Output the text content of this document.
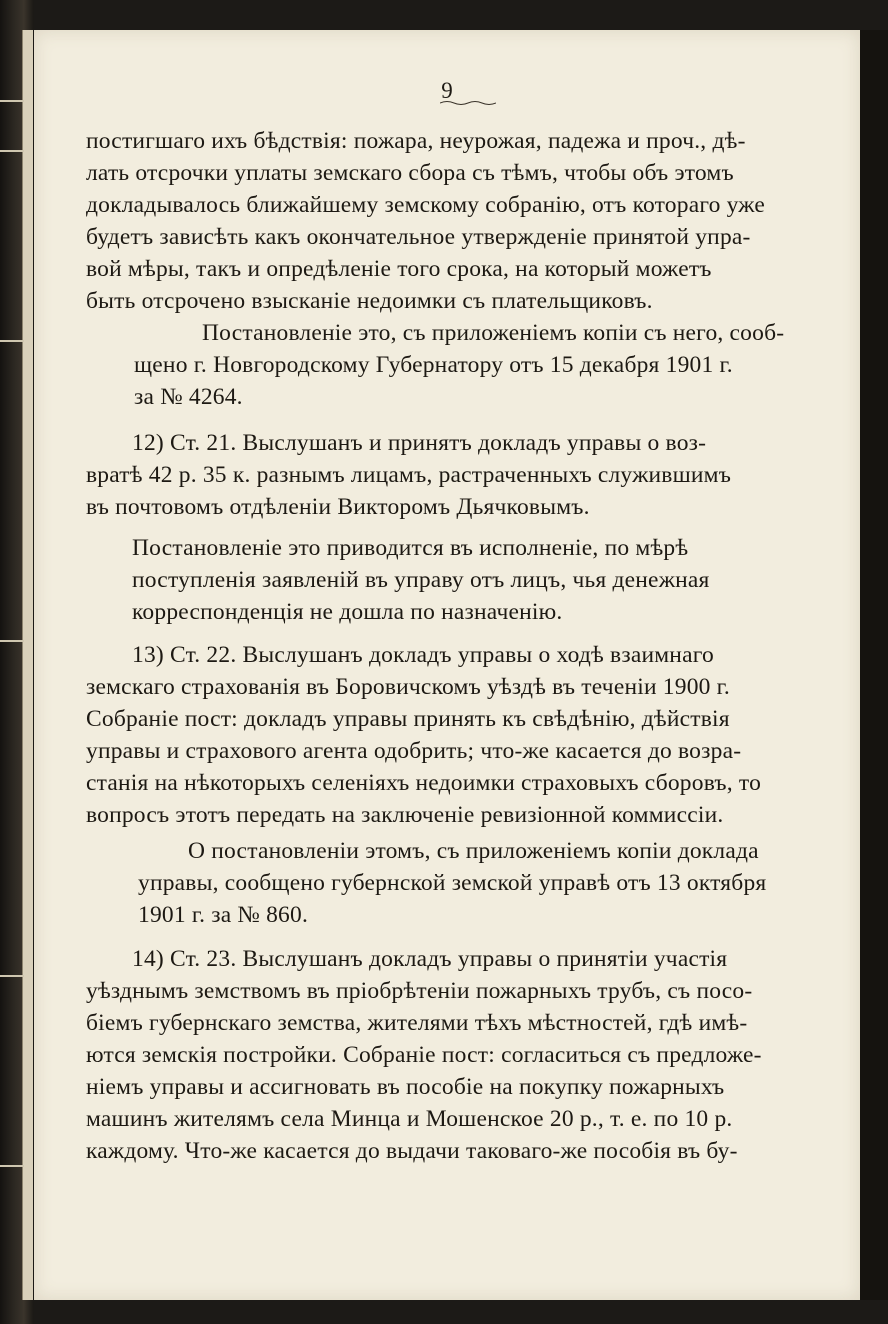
9
постигшаго ихъ бѣдствія: пожара, неурожая, падежа и проч., дѣ-
лать отсрочки уплаты земскаго сбора съ тѣмъ, чтобы объ этомъ
докладывалось ближайшему земскому собранію, отъ котораго уже
будетъ зависѣть какъ окончательное утвержденіе принятой упра-
вой мѣры, такъ и опредѣленіе того срока, на который можетъ
быть отсрочено взысканіе недоимки съ плательщиковъ.
Постановленіе это, съ приложеніемъ копіи съ него, сооб-
щено г. Новгородскому Губернатору отъ 15 декабря 1901 г.
за № 4264.
12) Ст. 21. Выслушанъ и принятъ докладъ управы о воз-
вратѣ 42 р. 35 к. разнымъ лицамъ, растраченныхъ служившимъ
въ почтовомъ отдѣленіи Викторомъ Дьячковымъ.
Постановленіе это приводится въ исполненіе, по мѣрѣ
поступленія заявленій въ управу отъ лицъ, чья денежная
корреспонденція не дошла по назначенію.
13) Ст. 22. Выслушанъ докладъ управы о ходѣ взаимнаго
земскаго страхованія въ Боровичскомъ уѣздѣ въ теченіи 1900 г.
Собраніе пост: докладъ управы принять къ свѣдѣнію, дѣйствія
управы и страхового агента одобрить; что-же касается до возра-
станія на нѣкоторыхъ селеніяхъ недоимки страховыхъ сборовъ, то
вопросъ этотъ передать на заключеніе ревизіонной коммиссіи.
О постановленіи этомъ, съ приложеніемъ копіи доклада
управы, сообщено губернской земской управѣ отъ 13 октября
1901 г. за № 860.
14) Ст. 23. Выслушанъ докладъ управы о принятіи участія
уѣзднымъ земствомъ въ пріобрѣтеніи пожарныхъ трубъ, съ посо-
біемъ губернскаго земства, жителями тѣхъ мѣстностей, гдѣ имѣ-
ются земскія постройки. Собраніе пост: согласиться съ предложе-
ніемъ управы и ассигновать въ пособіе на покупку пожарныхъ
машинъ жителямъ села Минца и Мошенское 20 р., т. е. по 10 р.
каждому. Что-же касается до выдачи таковаго-же пособія въ бу-
